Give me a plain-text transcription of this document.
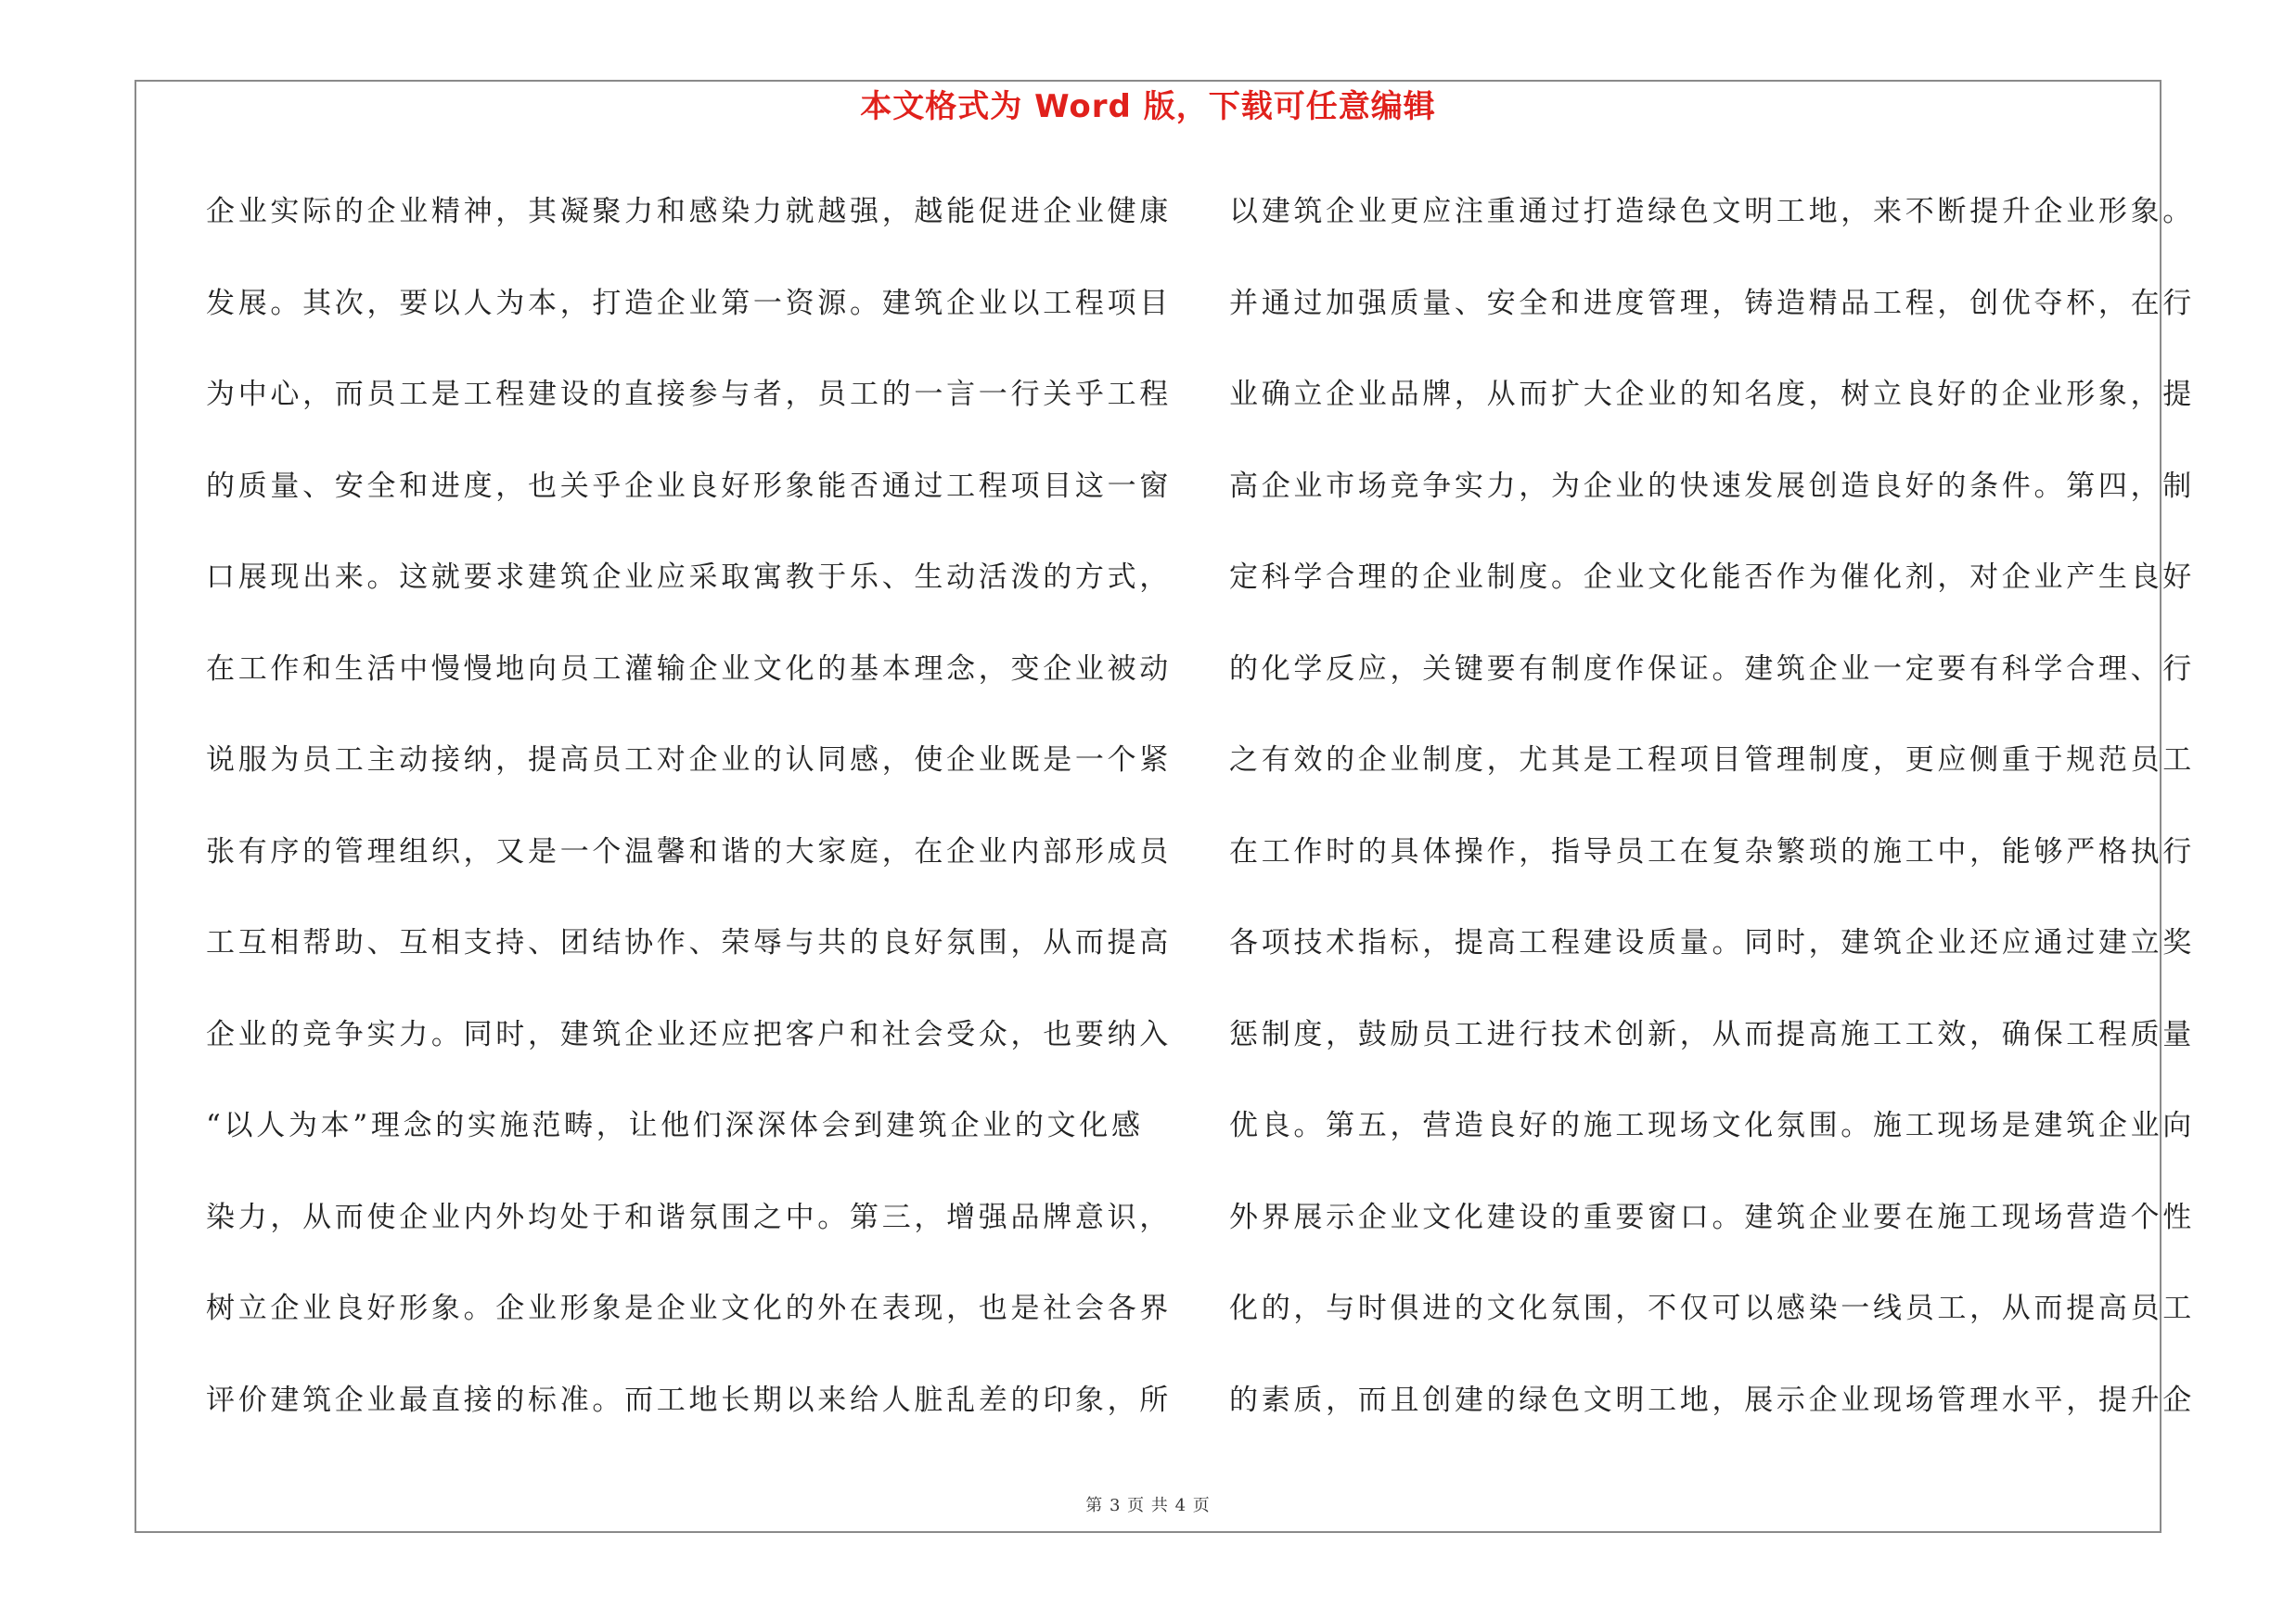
本文格式为 Word 版，下载可任意编辑
企业实际的企业精神，其凝聚力和感染力就越强，越能促进企业健康
发展。其次，要以人为本，打造企业第一资源。建筑企业以工程项目
为中心，而员工是工程建设的直接参与者，员工的一言一行关乎工程
的质量、安全和进度，也关乎企业良好形象能否通过工程项目这一窗
口展现出来。这就要求建筑企业应采取寓教于乐、生动活泼的方式，
在工作和生活中慢慢地向员工灌输企业文化的基本理念，变企业被动
说服为员工主动接纳，提高员工对企业的认同感，使企业既是一个紧
张有序的管理组织，又是一个温馨和谐的大家庭，在企业内部形成员
工互相帮助、互相支持、团结协作、荣辱与共的良好氛围，从而提高
企业的竞争实力。同时，建筑企业还应把客户和社会受众，也要纳入
“以人为本”理念的实施范畴，让他们深深体会到建筑企业的文化感
染力，从而使企业内外均处于和谐氛围之中。第三，增强品牌意识，
树立企业良好形象。企业形象是企业文化的外在表现，也是社会各界
评价建筑企业最直接的标准。而工地长期以来给人脏乱差的印象，所
以建筑企业更应注重通过打造绿色文明工地，来不断提升企业形象。
并通过加强质量、安全和进度管理，铸造精品工程，创优夺杯，在行
业确立企业品牌，从而扩大企业的知名度，树立良好的企业形象，提
高企业市场竞争实力，为企业的快速发展创造良好的条件。第四，制
定科学合理的企业制度。企业文化能否作为催化剂，对企业产生良好
的化学反应，关键要有制度作保证。建筑企业一定要有科学合理、行
之有效的企业制度，尤其是工程项目管理制度，更应侧重于规范员工
在工作时的具体操作，指导员工在复杂繁琐的施工中，能够严格执行
各项技术指标，提高工程建设质量。同时，建筑企业还应通过建立奖
惩制度，鼓励员工进行技术创新，从而提高施工工效，确保工程质量
优良。第五，营造良好的施工现场文化氛围。施工现场是建筑企业向
外界展示企业文化建设的重要窗口。建筑企业要在施工现场营造个性
化的，与时俱进的文化氛围，不仅可以感染一线员工，从而提高员工
的素质，而且创建的绿色文明工地，展示企业现场管理水平，提升企
第 3 页 共 4 页
